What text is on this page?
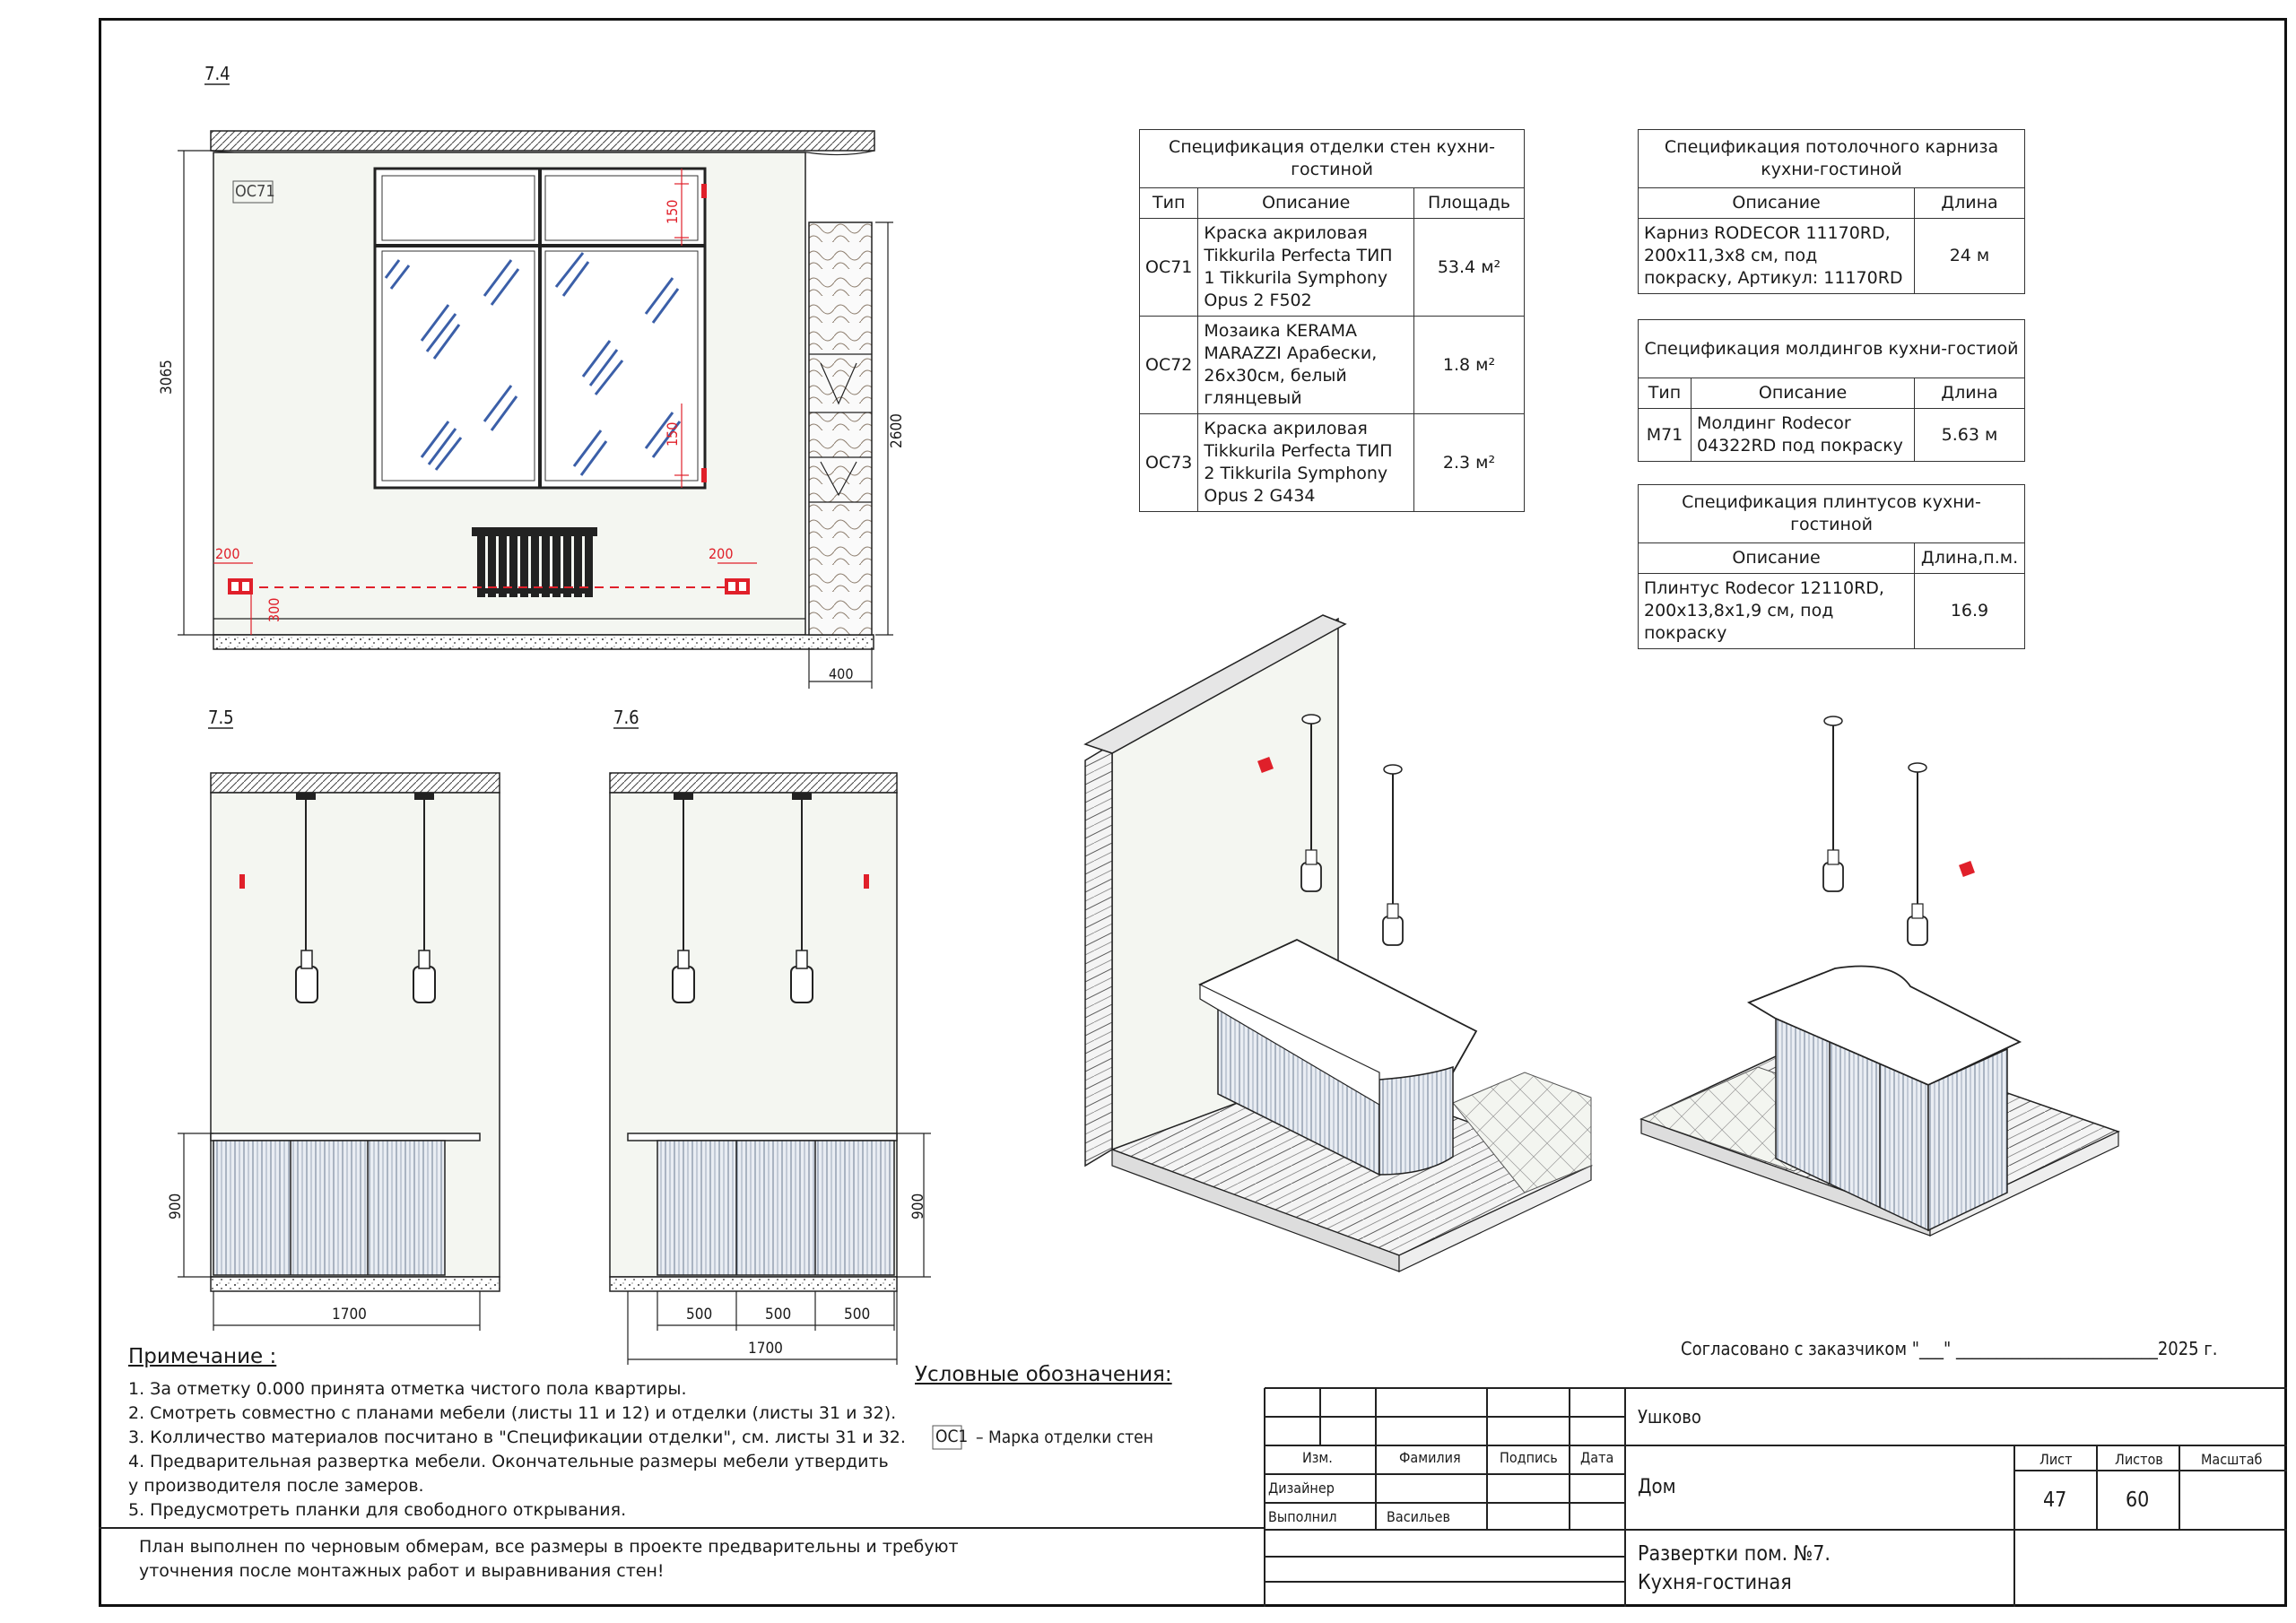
7.4
OC71
3065
2600
150
150
200	200
300
400
7.5
900
1700
7.6
900
500	500	500
1700
Спецификация отделки стен кухни-гостиной		
Тип	Описание	Площадь
OC71	Краска акриловая Tikkurila Perfecta ТИП 1 Tikkurila Symphony Opus 2 F502	53.4 м²
OC72	Мозаика KERAMA MARAZZI Арабески, 26х30см, белый глянцевый	1.8 м²
OC73	Краска акриловая Tikkurila Perfecta ТИП 2 Tikkurila Symphony Opus 2 G434	2.3 м²
Спецификация потолочного карниза кухни-гостиной	
Описание	Длина
Карниз RODECOR 11170RD, 200х11,3х8 см, под покраску, Артикул: 11170RD	24 м
Спецификация молдингов кухни-гостиой		
Тип	Описание	Длина
M71	Молдинг Rodecor 04322RD под покраску	5.63 м
Спецификация плинтусов кухни-гостиной	
Описание	Длина,п.м.
Плинтус Rodecor 12110RD, 200х13,8х1,9 см, под покраску	16.9
Примечание :
1. За отметку 0.000 принята отметка чистого пола квартиры.
2. Смотреть совместно с планами мебели (листы 11 и 12) и отделки (листы 31 и 32).
3. Колличество материалов посчитано в "Спецификации отделки", см. листы 31 и 32.
4. Предварительная развертка мебели. Окончательные размеры мебели утвердить
у производителя после замеров.
5. Предусмотреть планки для свободного открывания.
Условные обозначения:
OC1 – Марка отделки стен
Согласовано с заказчиком "___" _________________________2025 г.
План выполнен по черновым обмерам, все размеры в проекте предварительны и требуют
уточнения после монтажных работ и выравнивания стен!
Ушково
Дом
Развертки пом. №7.
Кухня-гостиная
Изм.	Фамилия	Подпись Дата
Дизайнер
Выполнил	Васильев
Лист	Листов	Масштаб
47	60
